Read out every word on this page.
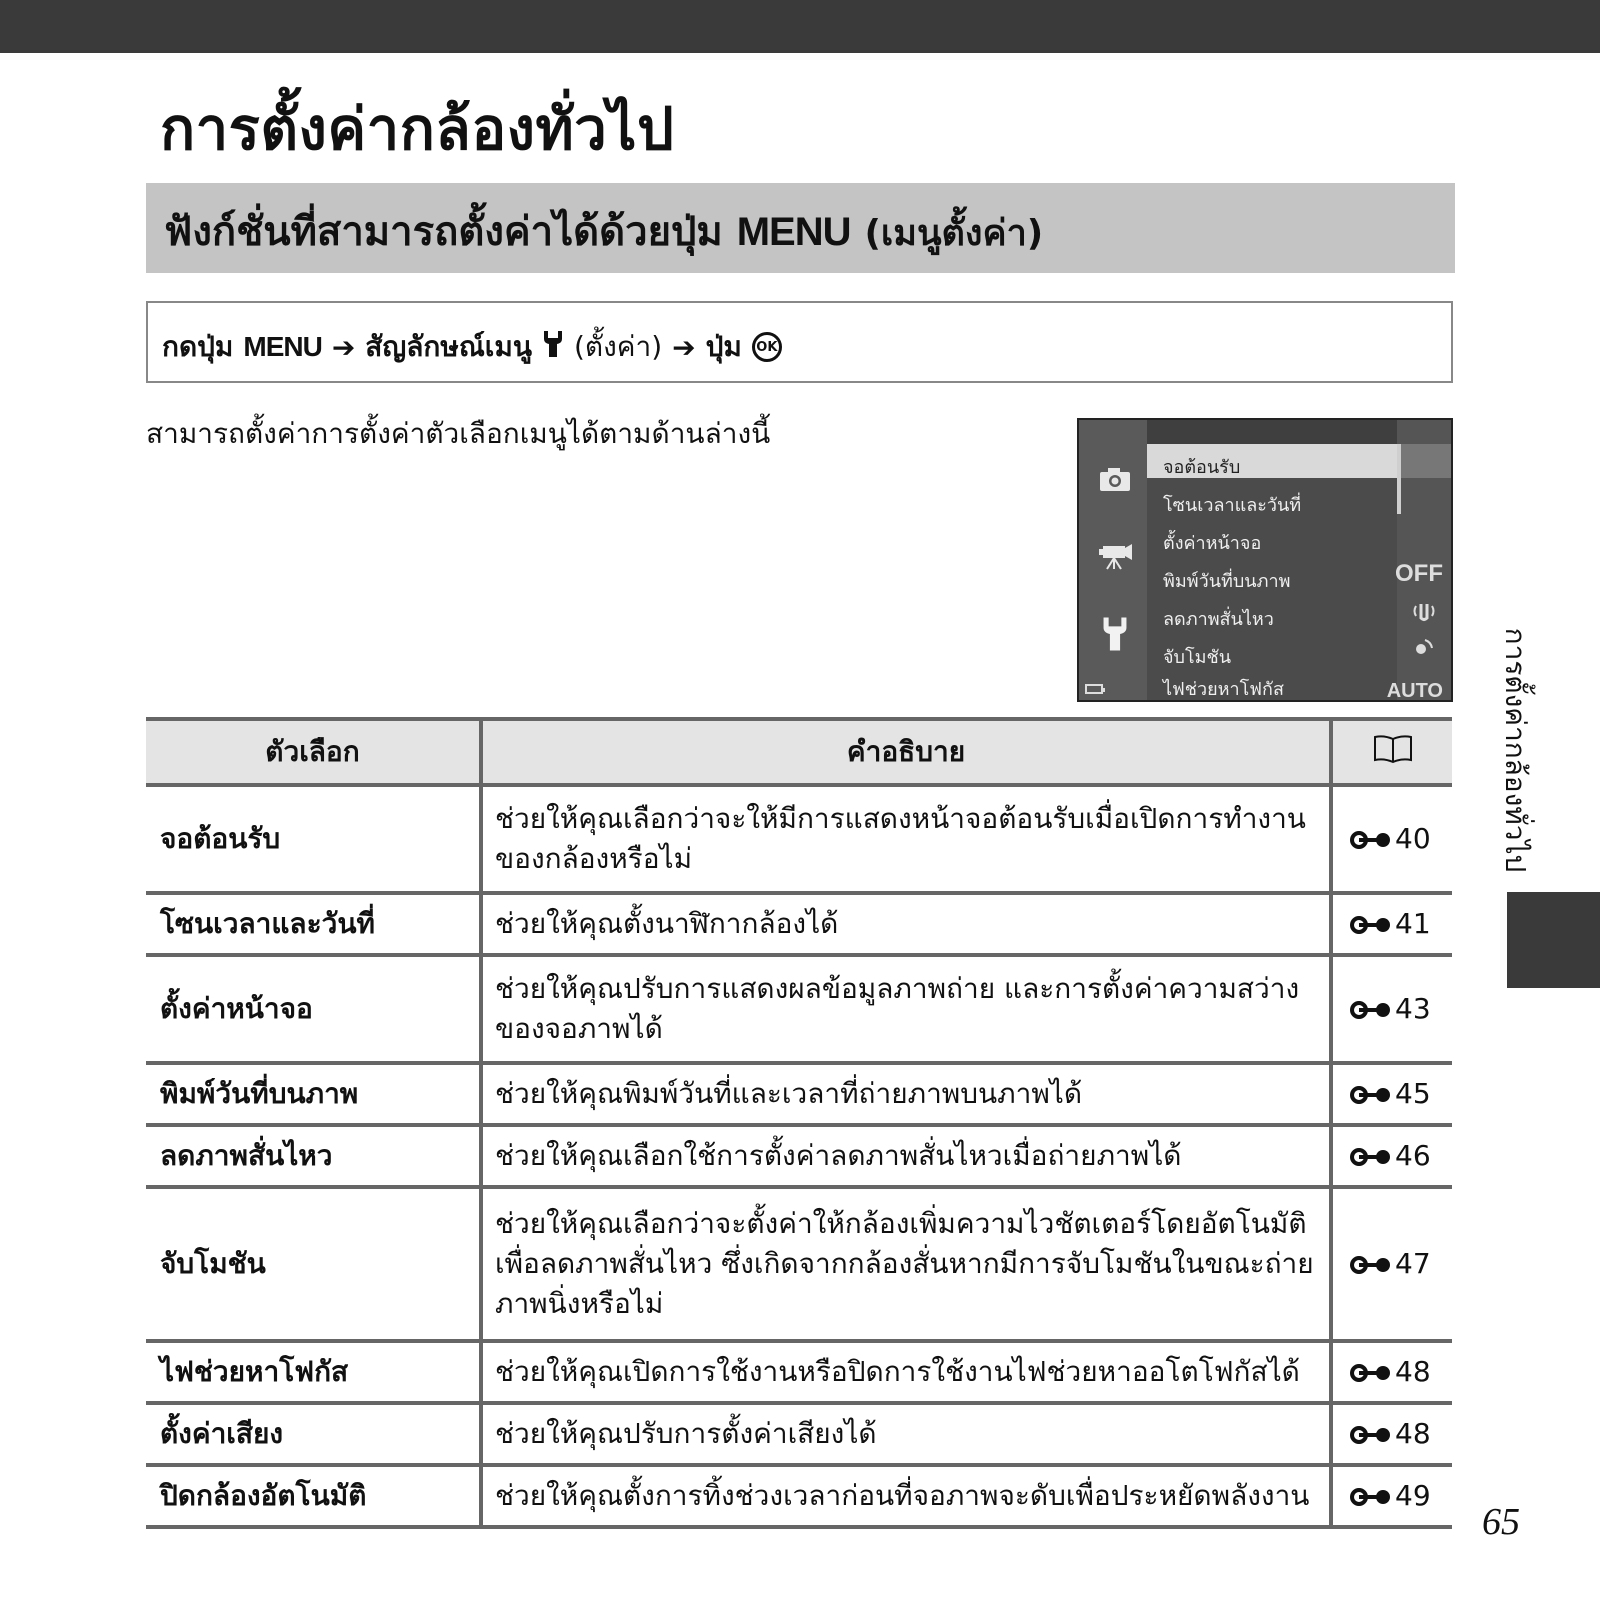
การตั้งค่ากล้องทั่วไป
ฟังก์ชั่นที่สามารถตั้งค่าได้ด้วยปุ่ม MENU (เมนูตั้งค่า)
กดปุ่ม MENU ➔ สัญลักษณ์เมนู (ตั้งค่า) ➔ ปุ่ม	OK
สามารถตั้งค่าการตั้งค่าตัวเลือกเมนูได้ตามด้านล่างนี้
จอต้อนรับ
โซนเวลาและวันที่
ตั้งค่าหน้าจอ
พิมพ์วันที่บนภาพ
ลดภาพสั่นไหว
จับโมชัน
ไฟช่วยหาโฟกัส
OFF
AUTO
ตัวเลือก	คำอธิบาย	
จอต้อนรับ	ช่วยให้คุณเลือกว่าจะให้มีการแสดงหน้าจอต้อนรับเมื่อเปิดการทำงานของกล้องหรือไม่	40
โซนเวลาและวันที่	ช่วยให้คุณตั้งนาฬิกากล้องได้	41
ตั้งค่าหน้าจอ	ช่วยให้คุณปรับการแสดงผลข้อมูลภาพถ่าย และการตั้งค่าความสว่างของจอภาพได้	43
พิมพ์วันที่บนภาพ	ช่วยให้คุณพิมพ์วันที่และเวลาที่ถ่ายภาพบนภาพได้	45
ลดภาพสั่นไหว	ช่วยให้คุณเลือกใช้การตั้งค่าลดภาพสั่นไหวเมื่อถ่ายภาพได้	46
จับโมชัน	ช่วยให้คุณเลือกว่าจะตั้งค่าให้กล้องเพิ่มความไวชัตเตอร์โดยอัตโนมัติเพื่อลดภาพสั่นไหว ซึ่งเกิดจากกล้องสั่นหากมีการจับโมชันในขณะถ่ายภาพนิ่งหรือไม่	47
ไฟช่วยหาโฟกัส	ช่วยให้คุณเปิดการใช้งานหรือปิดการใช้งานไฟช่วยหาออโตโฟกัสได้	48
ตั้งค่าเสียง	ช่วยให้คุณปรับการตั้งค่าเสียงได้	48
ปิดกล้องอัตโนมัติ	ช่วยให้คุณตั้งการทิ้งช่วงเวลาก่อนที่จอภาพจะดับเพื่อประหยัดพลังงาน	49
การตั้งค่ากล้องทั่วไป
65
